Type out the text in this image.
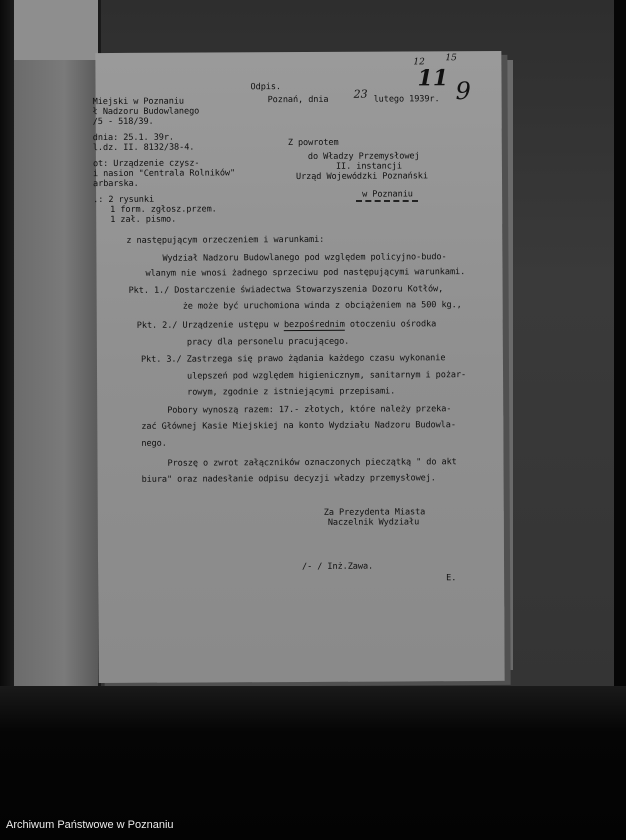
Odpis.
Poznań, dnia 23 lutego 1939r.
12 15
11 9
Miejski w Poznaniu
ł Nadzoru Budowlanego
/5 - 518/39.
dnia: 25.1. 39r.
l.dz. II. 8132/38-4.
ot: Urządzenie czysz-
i nasion "Centrala Rolników"
arbarska.
.: 2 rysunki
1 form. zgłosz.przem.
1 zał. pismo.
Z powrotem
do Władzy Przemysłowej
II. instancji
Urząd Wojewódzki Poznański
w Poznaniu
z następującym orzeczeniem i warunkami:
Wydział Nadzoru Budowlanego pod względem policyjno-budo-
wlanym nie wnosi żadnego sprzeciwu pod następującymi warunkami.
Pkt. 1./ Dostarczenie świadectwa Stowarzyszenia Dozoru Kotłów,
że może być uruchomiona winda z obciążeniem na 500 kg.,
Pkt. 2./ Urządzenie ustępu w bezpośrednim otoczeniu ośrodka
pracy dla personelu pracującego.
Pkt. 3./ Zastrzega się prawo żądania każdego czasu wykonanie
ulepszeń pod względem higienicznym, sanitarnym i pożar-
rowym, zgodnie z istniejącymi przepisami.
Pobory wynoszą razem: 17.- złotych, które należy przeka-
zać Głównej Kasie Miejskiej na konto Wydziału Nadzoru Budowla-
nego.
Proszę o zwrot załączników oznaczonych pieczątką " do akt
biura" oraz nadesłanie odpisu decyzji władzy przemysłowej.
Za Prezydenta Miasta
Naczelnik Wydziału
/- / Inż.Zawa.
E.
Archiwum Państwowe w Poznaniu
